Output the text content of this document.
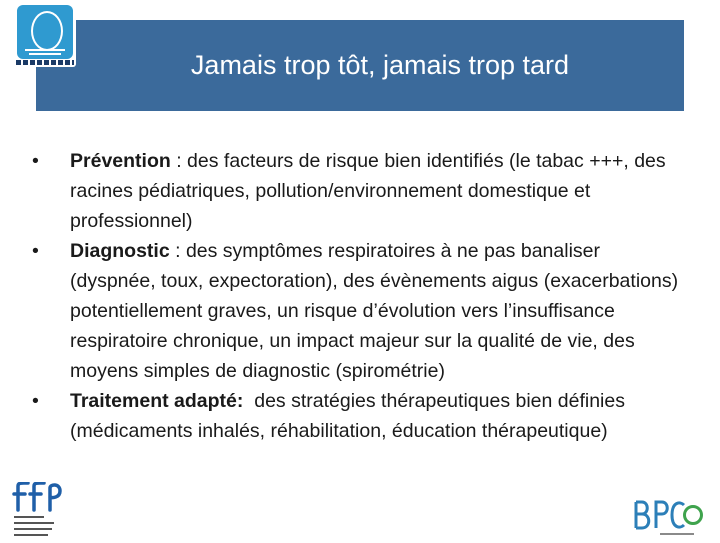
Jamais trop tôt, jamais trop tard
• Prévention : des facteurs de risque bien identifiés (le tabac +++, des racines pédiatriques, pollution/environnement domestique et professionnel)
• Diagnostic : des symptômes respiratoires à ne pas banaliser (dyspnée, toux, expectoration), des évènements aigus (exacerbations) potentiellement graves, un risque d’évolution vers l’insuffisance respiratoire chronique, un impact majeur sur la qualité de vie, des moyens simples de diagnostic (spirométrie)
• Traitement adapté: des stratégies thérapeutiques bien définies (médicaments inhalés, réhabilitation, éducation thérapeutique)
